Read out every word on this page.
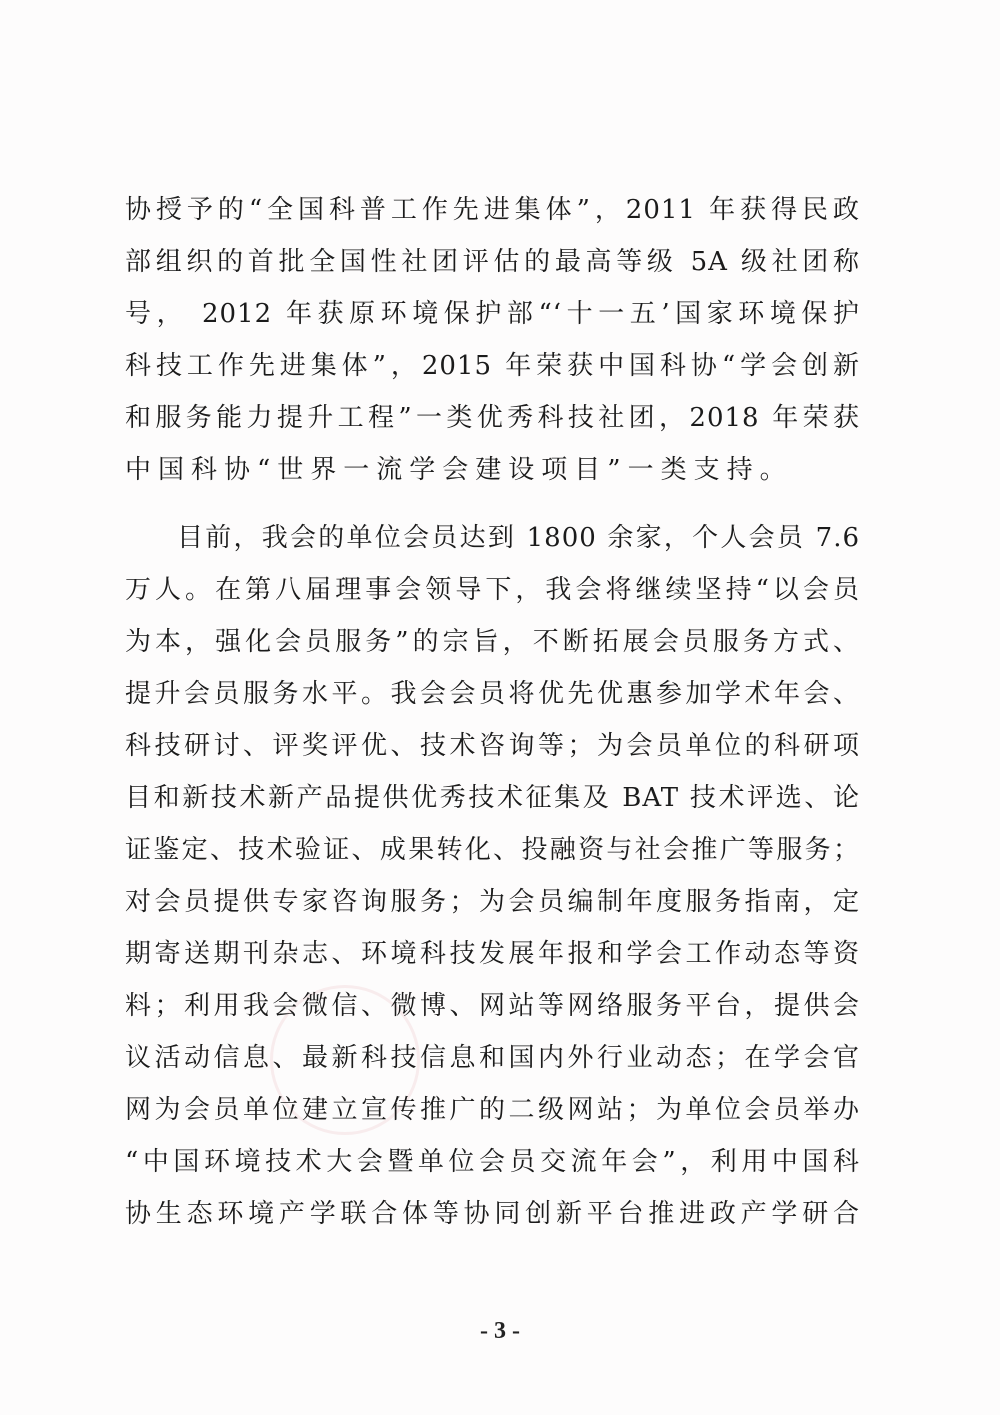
协授予的“全国科普工作先进集体”，2011 年获得民政
部组织的首批全国性社团评估的最高等级 5A 级社团称
号， 2012 年获原环境保护部“‘十一五’国家环境保护
科技工作先进集体”，2015 年荣获中国科协“学会创新
和服务能力提升工程”一类优秀科技社团，2018 年荣获
中国科协“世界一流学会建设项目”一类支持。
目前，我会的单位会员达到 1800 余家，个人会员 7.6
万人。在第八届理事会领导下，我会将继续坚持“以会员
为本，强化会员服务”的宗旨，不断拓展会员服务方式、
提升会员服务水平。我会会员将优先优惠参加学术年会、
科技研讨、评奖评优、技术咨询等；为会员单位的科研项
目和新技术新产品提供优秀技术征集及 BAT 技术评选、论
证鉴定、技术验证、成果转化、投融资与社会推广等服务；
对会员提供专家咨询服务；为会员编制年度服务指南，定
期寄送期刊杂志、环境科技发展年报和学会工作动态等资
料；利用我会微信、微博、网站等网络服务平台，提供会
议活动信息、最新科技信息和国内外行业动态；在学会官
网为会员单位建立宣传推广的二级网站；为单位会员举办
“中国环境技术大会暨单位会员交流年会”，利用中国科
协生态环境产学联合体等协同创新平台推进政产学研合
- 3 -
